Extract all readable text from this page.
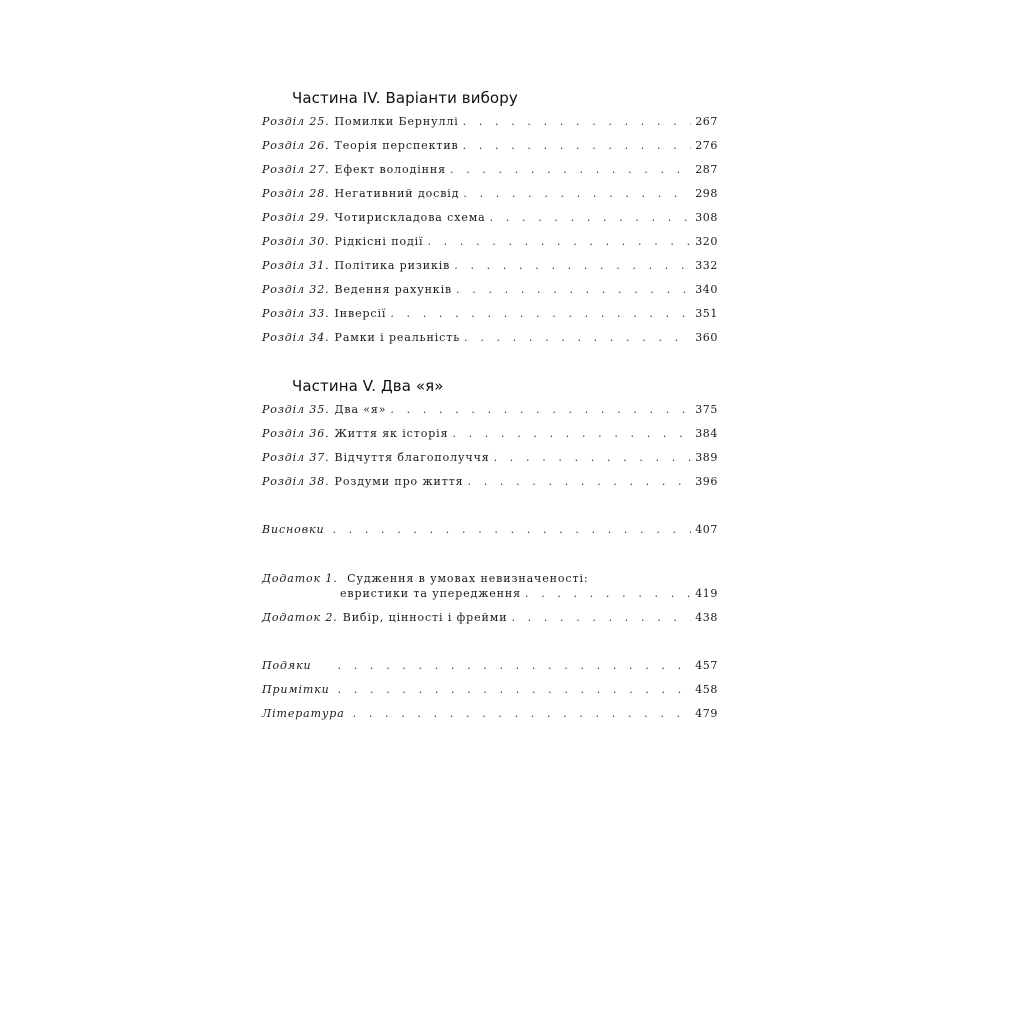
Частина IV. Варіанти вибору
Розділ 25. Помилки Бернуллі . . .	267
Розділ 26. Теорія перспектив . . .	276
Розділ 27. Ефект володіння . . .	287
Розділ 28. Негативний досвід . . .	298
Розділ 29. Чотирискладова схема . . .	308
Розділ 30. Рідкісні події . . .	320
Розділ 31. Політика ризиків . . .	332
Розділ 32. Ведення рахунків . . .	340
Розділ 33. Інверсії . . .	351
Розділ 34. Рамки і реальність . . .	360
Частина V. Два «я»
Розділ 35. Два «я» . . .	375
Розділ 36. Життя як історія . . .	384
Розділ 37. Відчуття благополуччя . . .	389
Розділ 38. Роздуми про життя . . .	396
Висновки . . .	407
Додаток 1. Судження в умовах невизначеності:
евристики та упередження . . .	419
Додаток 2. Вибір, цінності і фрейми . . .	438
Подяки . . .	457
Примітки . . .	458
Література . . .	479
